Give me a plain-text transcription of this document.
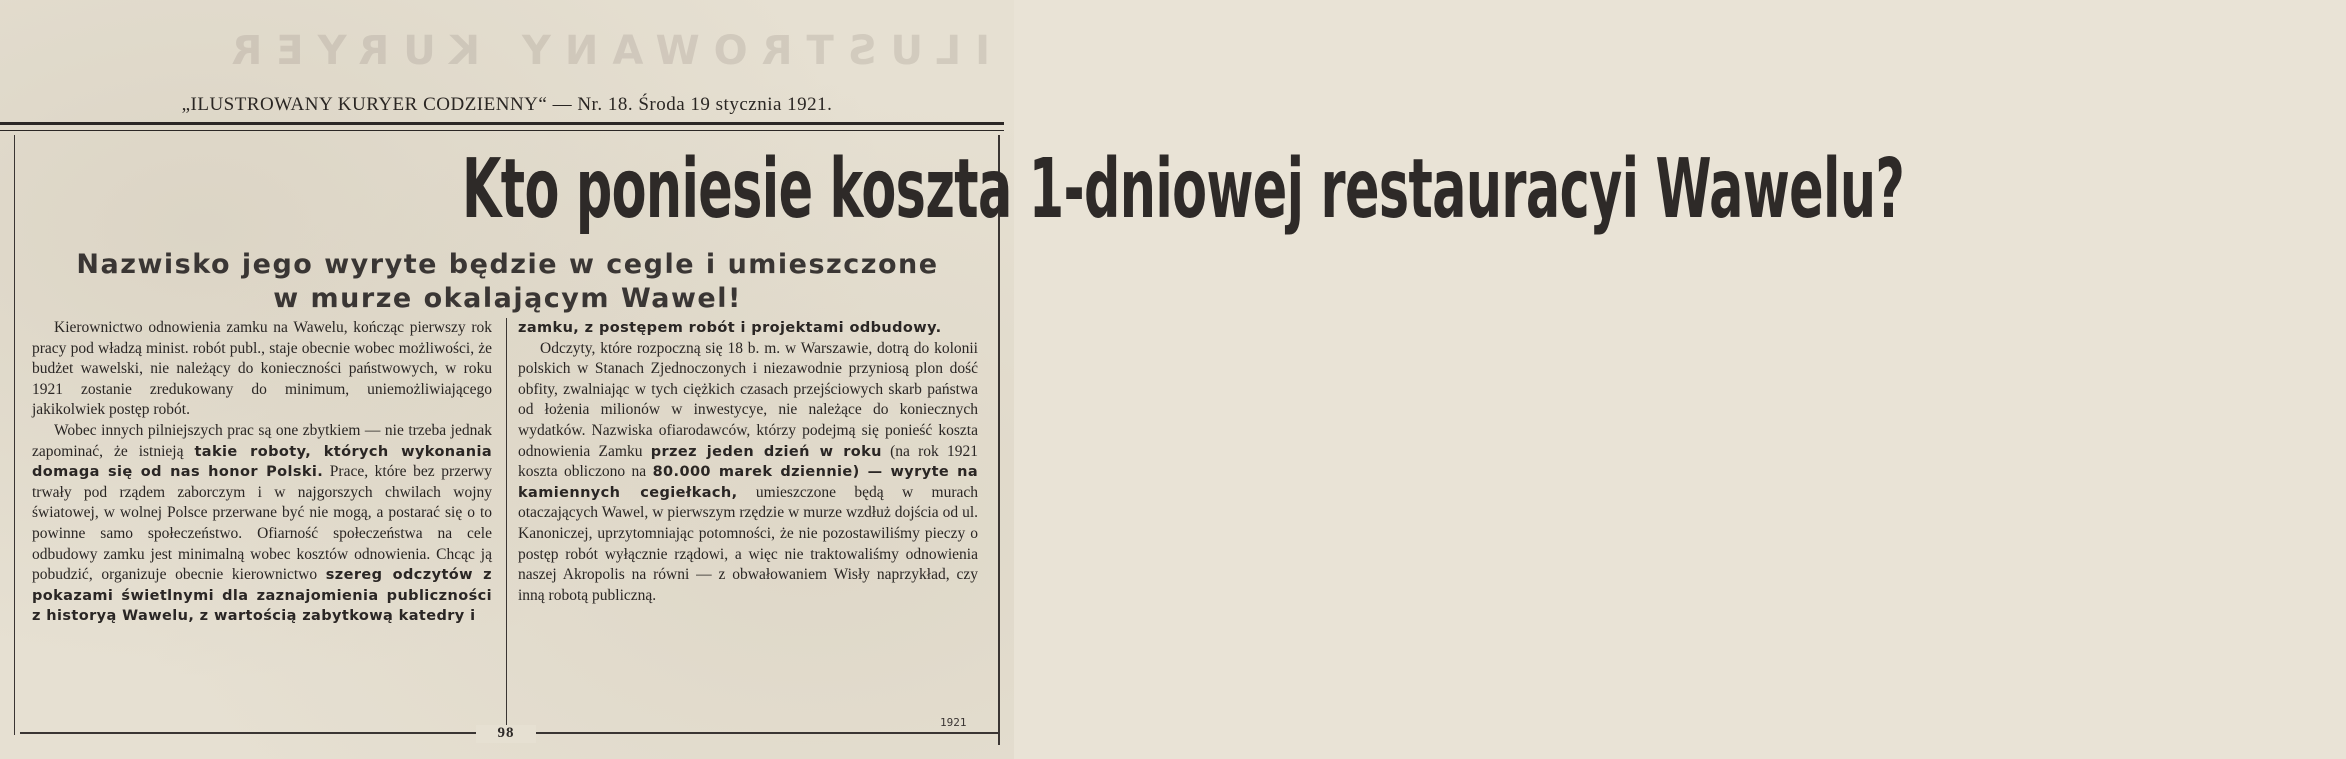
ILUSTROWANY KURYER
„ILUSTROWANY KURYER CODZIENNY“ — Nr. 18. Środa 19 stycznia 1921.
Kto poniesie koszta 1-dniowej restauracyi Wawelu?
Nazwisko jego wyryte będzie w cegle i umieszczone
w murze okalającym Wawel!

Kierownictwo odnowienia zamku na Wawelu, kończąc pierwszy rok pracy pod władzą minist. robót publ., staje obecnie wobec możliwości, że budżet wawelski, nie należący do konieczności państwowych, w roku 1921 zostanie zredukowany do minimum, uniemożliwiającego jakikolwiek postęp robót.

Wobec innych pilniejszych prac są one zbytkiem — nie trzeba jednak zapominać, że istnieją takie roboty, których wykonania domaga się od nas honor Polski. Prace, które bez przerwy trwały pod rządem zaborczym i w najgorszych chwilach wojny światowej, w wolnej Polsce przerwane być nie mogą, a postarać się o to powinne samo społeczeństwo. Ofiarność społeczeństwa na cele odbudowy zamku jest minimalną wobec kosztów odnowienia. Chcąc ją pobudzić, organizuje obecnie kierownictwo szereg odczytów z pokazami świetlnymi dla zaznajomienia publiczności z historyą Wawelu, z wartością zabytkową katedry i

zamku, z postępem robót i projektami odbudowy.

Odczyty, które rozpoczną się 18 b. m. w Warszawie, dotrą do kolonii polskich w Stanach Zjednoczonych i niezawodnie przyniosą plon dość obfity, zwalniając w tych ciężkich czasach przejściowych skarb państwa od łożenia milionów w inwestycye, nie należące do koniecznych wydatków. Nazwiska ofiarodawców, którzy podejmą się ponieść koszta odnowienia Zamku przez jeden dzień w roku (na rok 1921 koszta obliczono na 80.000 marek dziennie) — wyryte na kamiennych cegiełkach, umieszczone będą w murach otaczających Wawel, w pierwszym rzędzie w murze wzdłuż dojścia od ul. Kanoniczej, uprzytomniając potomności, że nie pozostawiliśmy pieczy o postęp robót wyłącznie rządowi, a więc nie traktowaliśmy odnowienia naszej Akropolis na równi — z obwałowaniem Wisły naprzykład, czy inną robotą publiczną.

98
1921
